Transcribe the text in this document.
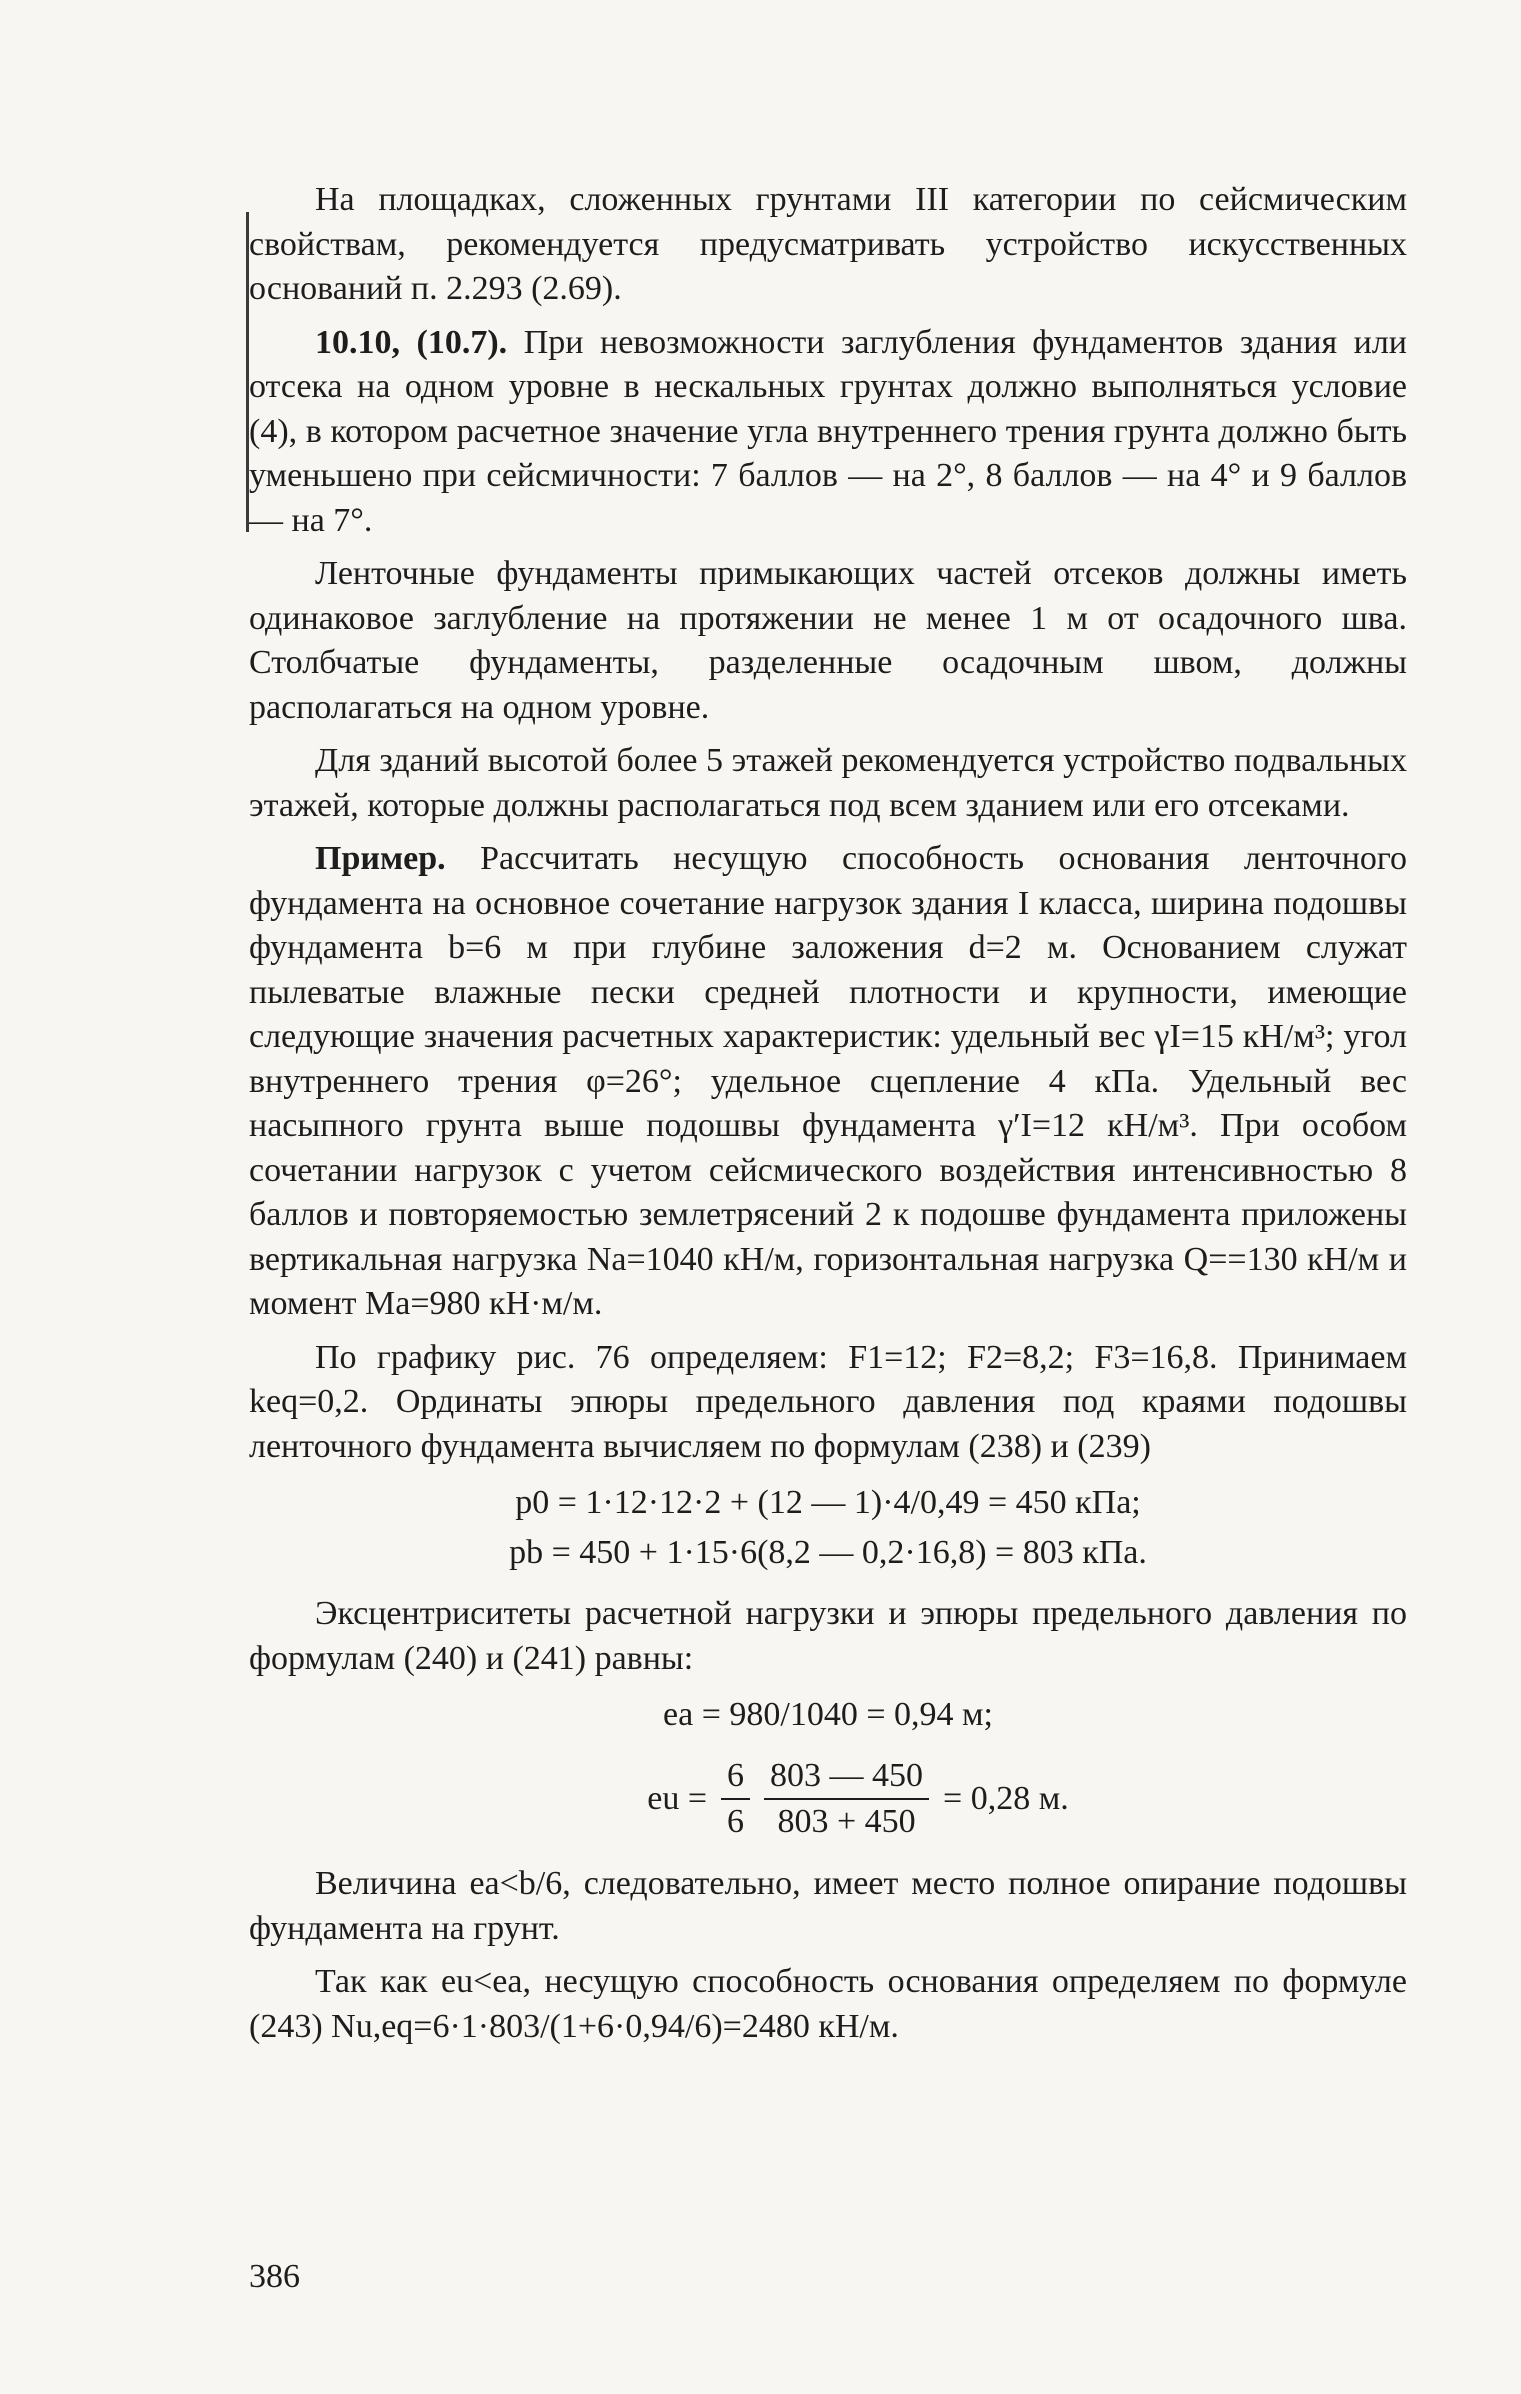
На площадках, сложенных грунтами III категории по сейсмическим свойствам, рекомендуется предусматривать устройство искусственных оснований п. 2.293 (2.69).

10.10, (10.7). При невозможности заглубления фундаментов здания или отсека на одном уровне в нескальных грунтах должно выполняться условие (4), в котором расчетное значение угла внутреннего трения грунта должно быть уменьшено при сейсмичности: 7 баллов — на 2°, 8 баллов — на 4° и 9 баллов — на 7°.

Ленточные фундаменты примыкающих частей отсеков должны иметь одинаковое заглубление на протяжении не менее 1 м от осадочного шва. Столбчатые фундаменты, разделенные осадочным швом, должны располагаться на одном уровне.

Для зданий высотой более 5 этажей рекомендуется устройство подвальных этажей, которые должны располагаться под всем зданием или его отсеками.

Пример. Рассчитать несущую способность основания ленточного фундамента на основное сочетание нагрузок здания I класса, ширина подошвы фундамента b=6 м при глубине заложения d=2 м. Основанием служат пылеватые влажные пески средней плотности и крупности, имеющие следующие значения расчетных характеристик: удельный вес γI=15 кН/м³; угол внутреннего трения φ=26°; удельное сцепление 4 кПа. Удельный вес насыпного грунта выше подошвы фундамента γ′I=12 кН/м³. При особом сочетании нагрузок с учетом сейсмического воздействия интенсивностью 8 баллов и повторяемостью землетрясений 2 к подошве фундамента приложены вертикальная нагрузка Na=1040 кН/м, горизонтальная нагрузка Q==130 кН/м и момент Ma=980 кН·м/м.

По графику рис. 76 определяем: F1=12; F2=8,2; F3=16,8. Принимаем keq=0,2. Ординаты эпюры предельного давления под краями подошвы ленточного фундамента вычисляем по формулам (238) и (239)

p0 = 1·12·12·2 + (12 — 1)·4/0,49 = 450 кПа;
pb = 450 + 1·15·6(8,2 — 0,2·16,8) = 803 кПа.

Эксцентриситеты расчетной нагрузки и эпюры предельного давления по формулам (240) и (241) равны:

ea = 980/1040 = 0,94 м;
eu = $\frac{6}{6} \frac{803 — 450}{803 + 450} = 0,28$ м.

Величина ea<b/6, следовательно, имеет место полное опирание подошвы фундамента на грунт.

Так как eu<ea, несущую способность основания определяем по формуле (243) Nu,eq=6·1·803/(1+6·0,94/6)=2480 кН/м.

386
